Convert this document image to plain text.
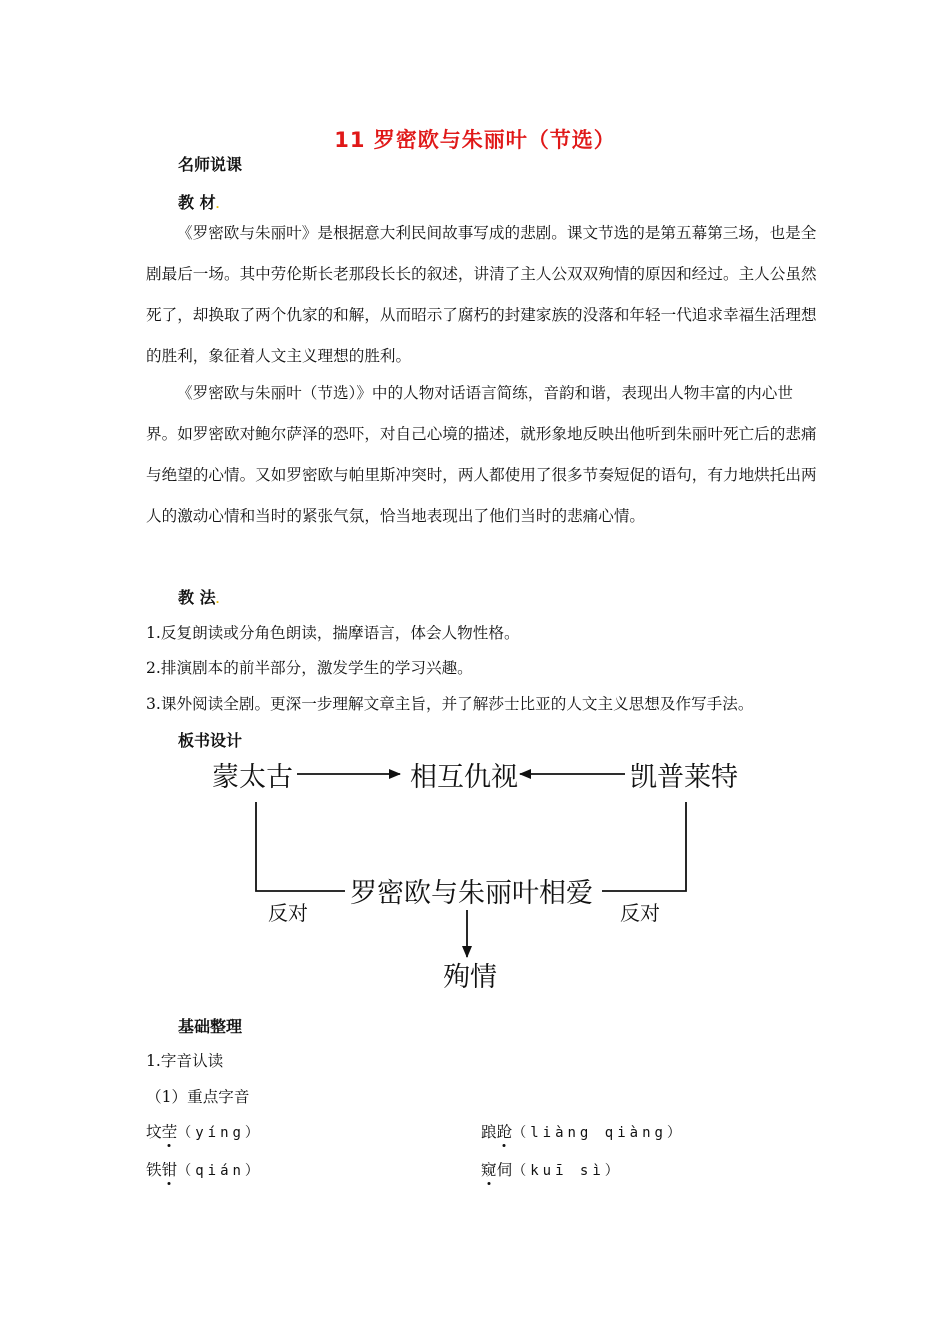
11 罗密欧与朱丽叶（节选）
名师说课
教 材.

《罗密欧与朱丽叶》是根据意大利民间故事写成的悲剧。课文节选的是第五幕第三场，也是全剧最后一场。其中劳伦斯长老那段长长的叙述，讲清了主人公双双殉情的原因和经过。主人公虽然死了，却换取了两个仇家的和解，从而昭示了腐朽的封建家族的没落和年轻一代追求幸福生活理想的胜利，象征着人文主义理想的胜利。

《罗密欧与朱丽叶（节选）》中的人物对话语言简练，音韵和谐，表现出人物丰富的内心世界。如罗密欧对鲍尔萨泽的恐吓，对自己心境的描述，就形象地反映出他听到朱丽叶死亡后的悲痛与绝望的心情。又如罗密欧与帕里斯冲突时，两人都使用了很多节奏短促的语句，有力地烘托出两人的激动心情和当时的紧张气氛，恰当地表现出了他们当时的悲痛心情。

教 法.
1.反复朗读或分角色朗读，揣摩语言，体会人物性格。
2.排演剧本的前半部分，激发学生的学习兴趣。
3.课外阅读全剧。更深一步理解文章主旨，并了解莎士比亚的人文主义思想及作写手法。
板书设计
蒙太古	相互仇视	凯普莱特
罗密欧与朱丽叶相爱
反对	反对
殉情
基础整理
1.字音认读
（1）重点字音
坟茔（yíng）	踉跄（liàng qiàng）
铁钳（qián）	窥伺（kuī sì）
